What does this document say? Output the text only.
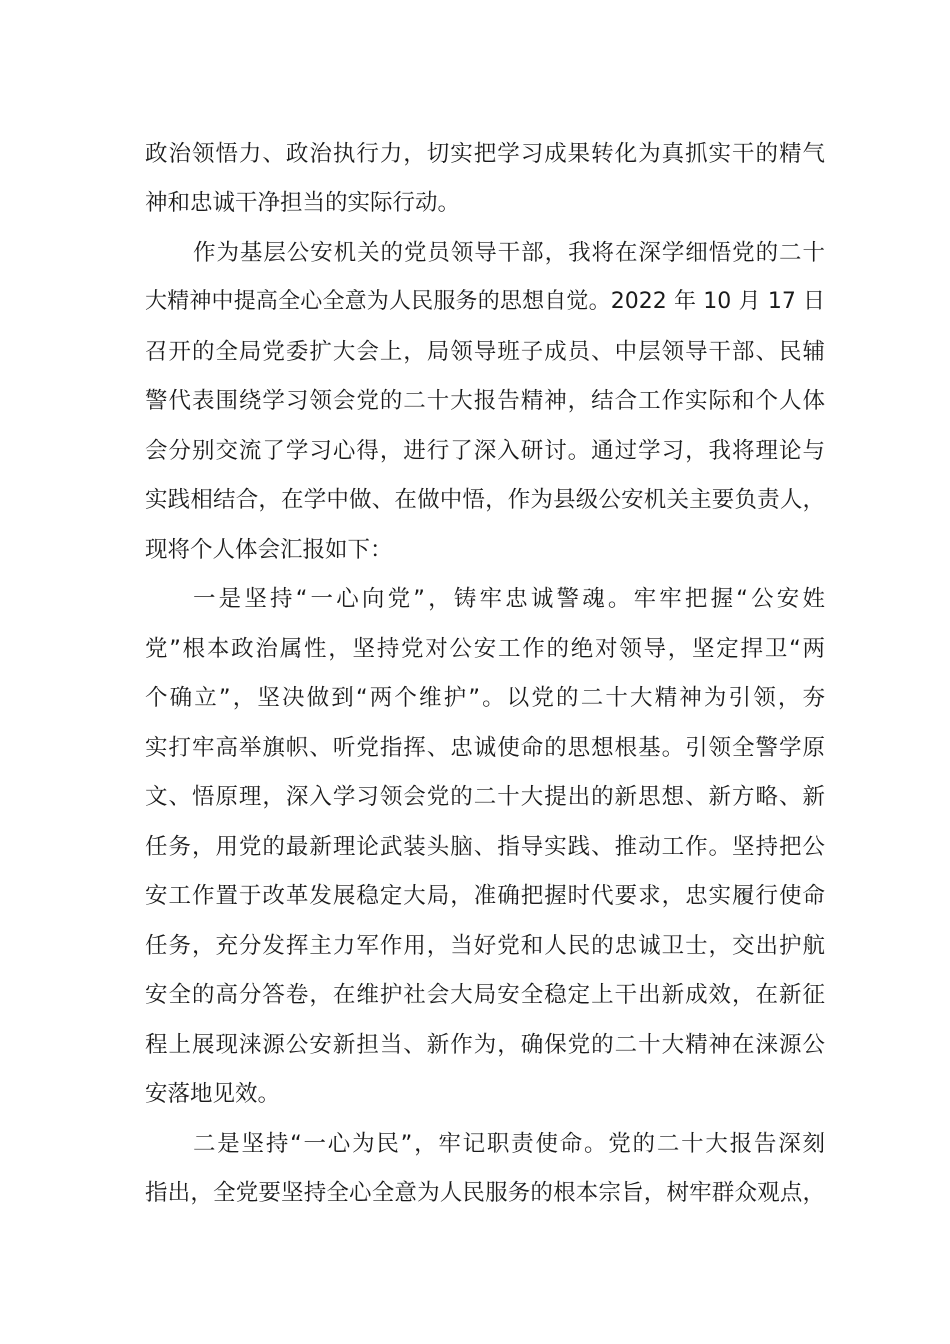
政治领悟力、政治执行力，切实把学习成果转化为真抓实干的精气
神和忠诚干净担当的实际行动。
作为基层公安机关的党员领导干部，我将在深学细悟党的二十
大精神中提高全心全意为人民服务的思想自觉。2022 年 10 月 17 日
召开的全局党委扩大会上，局领导班子成员、中层领导干部、民辅
警代表围绕学习领会党的二十大报告精神，结合工作实际和个人体
会分别交流了学习心得，进行了深入研讨。通过学习，我将理论与
实践相结合，在学中做、在做中悟，作为县级公安机关主要负责人，
现将个人体会汇报如下：
一是坚持“一心向党”，铸牢忠诚警魂。牢牢把握“公安姓
党”根本政治属性，坚持党对公安工作的绝对领导，坚定捍卫“两
个确立”，坚决做到“两个维护”。以党的二十大精神为引领，夯
实打牢高举旗帜、听党指挥、忠诚使命的思想根基。引领全警学原
文、悟原理，深入学习领会党的二十大提出的新思想、新方略、新
任务，用党的最新理论武装头脑、指导实践、推动工作。坚持把公
安工作置于改革发展稳定大局，准确把握时代要求，忠实履行使命
任务，充分发挥主力军作用，当好党和人民的忠诚卫士，交出护航
安全的高分答卷，在维护社会大局安全稳定上干出新成效，在新征
程上展现涞源公安新担当、新作为，确保党的二十大精神在涞源公
安落地见效。
二是坚持“一心为民”，牢记职责使命。党的二十大报告深刻
指出，全党要坚持全心全意为人民服务的根本宗旨，树牢群众观点，
